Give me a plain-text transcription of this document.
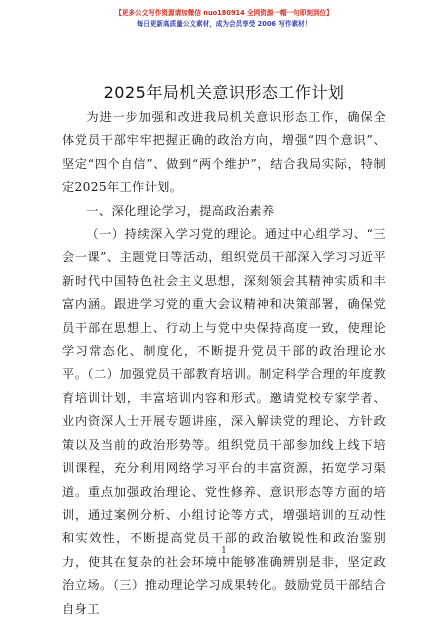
【更多公文写作资源请加微信 nuo180914 全网资源一帽一句即刻到位】
每日更新高质量公文素材，成为会员享受 2006 写作素材！
2025年局机关意识形态工作计划

为进一步加强和改进我局机关意识形态工作，确保全体党员干部牢牢把握正确的政治方向，增强“四个意识”、坚定“四个自信”、做到“两个维护”，结合我局实际，特制定2025年工作计划。

一、深化理论学习，提高政治素养

（一）持续深入学习党的理论。通过中心组学习、“三会一课”、主题党日等活动，组织党员干部深入学习习近平新时代中国特色社会主义思想，深刻领会其精神实质和丰富内涵。跟进学习党的重大会议精神和决策部署，确保党员干部在思想上、行动上与党中央保持高度一致，使理论学习常态化、制度化，不断提升党员干部的政治理论水平。（二）加强党员干部教育培训。制定科学合理的年度教育培训计划，丰富培训内容和形式。邀请党校专家学者、业内资深人士开展专题讲座，深入解读党的理论、方针政策以及当前的政治形势等。组织党员干部参加线上线下培训课程，充分利用网络学习平台的丰富资源，拓宽学习渠道。重点加强政治理论、党性修养、意识形态等方面的培训，通过案例分析、小组讨论等方式，增强培训的互动性和实效性，不断提高党员干部的政治敏锐性和政治鉴别力，使其在复杂的社会环境中能够准确辨别是非，坚定政治立场。（三）推动理论学习成果转化。鼓励党员干部结合自身工

1
